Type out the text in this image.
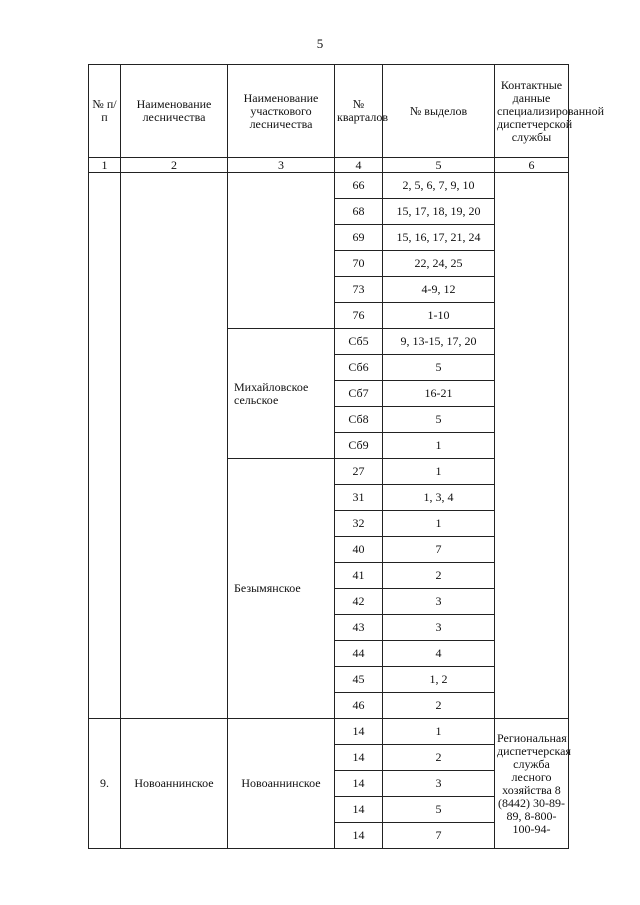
5
№ п/п	Наименование лесничества	Наименование участкового лесничества	№ кварталов	№ выделов	Контактные данные специализированной диспетчерской службы
1	2	3	4	5	6
			66	2, 5, 6, 7, 9, 10	
			68	15, 17, 18, 19, 20	
			69	15, 16, 17, 21, 24	
			70	22, 24, 25	
			73	4-9, 12	
			76	1-10	
		Михайловское сельское	Сб5	9, 13-15, 17, 20	
			Сб6	5	
			Сб7	16-21	
			Сб8	5	
			Сб9	1	
		Безымянское	27	1	
			31	1, 3, 4	
			32	1	
			40	7	
			41	2	
			42	3	
			43	3	
			44	4	
			45	1, 2	
			46	2	
9.	Новоаннинское	Новоаннинское	14	1	Региональная диспетчерская служба лесного хозяйства 8 (8442) 30-89-89, 8-800-100-94-
			14	2	
			14	3	
			14	5	
			14	7	
